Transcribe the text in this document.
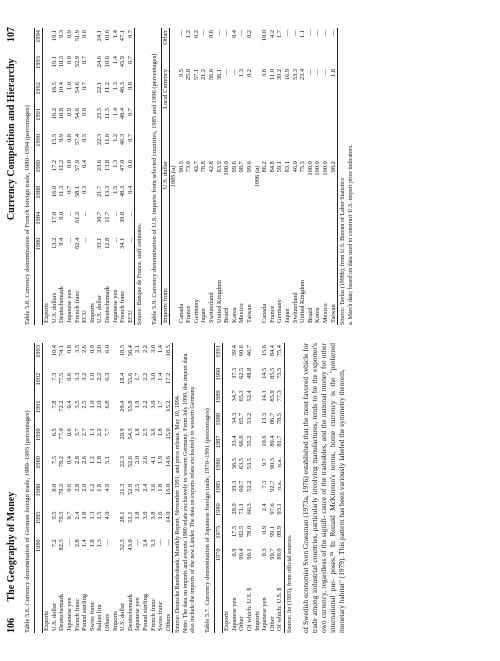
106 The Geography of Money
Currency Competition and Hierarchy 107
Table 5.6. Currency denomination of German foreign trade, 1980–1993 (percentages)
	1980	1985	1988	1989	1990	1991	1992	1993
Exports								
U.S. dollar	7.2	9.5	8.0	7.5	6.5	7.8	7.3	10.4
Deutschemark	82.3	79.5	79.2	79.2	77.0	72.2	77.5	74.1
Japanese yen	—	0.7	0.6	0.4	0.6	0.4	0.6	0.8
French franc	2.8	2.4	2.8	2.8	3.7	3.5	3.3	3.5
Pound sterling	1.4	1.8	2.0	2.6	2.7	2.5	3.2	2.6
Swiss franc	1.8	1.3	1.2	1.2	1.1	1.0	1.0	0.9
Italian lira	1.3	1.5	1.8	1.8	2.2	2.0	2.2	2.0
Others	—	4.0	4.9	5.1	7.7	6.8	6.3	6.0
Imports								
U.S. dollar	32.3	28.1	21.3	22.3	20.9	20.4	18.4	18.5
Deutschemark	43.0	52.1	52.9	52.6	54.3	55.8	55.6	56.4
Japanese yen	—	1.8	2.5	2.0	1.8	1.9	1.7	2.1
Pound sterling	3.4	3.0	2.4	2.6	2.5	2.2	2.2	2.2
French franc	3.3	3.8	3.6	4.1	3.6	3.0	3.0	3.0
Swiss franc	—	1.6	1.8	1.9	1.8	1.7	1.4	1.4
Others	—	14.0	16.0	14.6	15.0	15.2	17.2	18.5
Source: Deutsche Bundesbank, Monthly Report, November 1991, and press release, May 10, 1994. Note: The data on imports and exports 1980 relate exclusively to western Germany. From July 1990, the import data also include the imports of the new Länder. The data on exports relate exclusively to western Germany. Table 5.7. Currency denomination of Japanese foreign trade, 1970–1991 (percentages)
	1970	1975	1980	1985	1986	1987	1988	1989	1990	1991
Exports										
Japanese yen	0.9	17.5	28.9	39.3	36.5	33.4	34.3	34.7	37.5	39.4
Other	90.4	82.5	71.1	60.7	63.5	66.6	65.7	65.3	62.5	60.6
Of which: U.S. $	90.1	78.0	66.3	52.2	53.5	55.2	53.2	52.4	48.8	46.7
Imports										
Japanese yen	0.3	0.9	2.4	7.3	9.7	10.6	13.3	14.1	14.5	15.6
Other	99.7	99.1	97.6	92.7	90.3	89.4	86.7	85.9	85.5	84.4
Of which: U.S. $	80.0	89.9	93.1	n.a.	n.a.	81.7	78.5	77.3	75.5	75.4
Source: Ito (1993), from official sources. of Swedish economist Sven Grassman (1973a, 1976) established that the most favored vehicle for trade among industrial countries, particularly involving manufactures, tends to be the exporter's own currency, regardless of the signifi- cance of the tradeables, and the national money for other international pur- poses.²³ In Ronald McKinnon's terms, home currency is the "preferred monetary habitat" (1979). This pattern has been variously labeled the symmetry theorem,
Table 5.8. Currency denomination of French foreign trade, 1980–1994 (percentages)
	1980	1984	1988	1989	1990	1991	1992	1993	1994
Exports									
U.S. dollars	13.2	17.0	16.0	17.2	15.5	16.2	16.5	19.1	19.1
Deutschemark	9.4	9.0	11.3	11.2	9.9	10.8	10.4	10.3	9.3
Japanese yen	...	...	0.7	0.8	0.8	0.9	1.0	0.9	0.9
French franc	62.4	61.2	58.1	57.9	57.4	54.6	54.6	52.9	51.9
ECU	...	...	0.3	0.4	0.5	0.6	0.7	0.7	0.6
Imports									
U.S. dollar	33.1	30.7	21.7	23.6	22.3	23.5	22.1	24.6	24.1
Deutschemark	12.8	11.7	13.3	13.8	11.8	11.5	11.2	10.6	10.6
Japanese yen	...	...	1.5	1.3	1.2	1.4	1.3	1.4	1.4
French franc	34.1	39.8	48.3	47.0	46.3	48.4	46.3	45.9	47.1
ECU	...	...	0.4	0.6	0.7	0.7	0.8	0.7	0.7
Source: Banque de France, staff estimates. Table 5.9. Currency denomination of U.S. imports from selected countries, 1985 and 1996 (percentages) Imports from:	U.S. dollar	Local Currency	Other
1985 (a)			
Canada	90.5	9.5	—
France	73.0	25.8	1.2
Germany	42.7	57.1	0.2
Japan	78.8	21.2	—
Switzerland	42.8	56.6	0.6
United Kingdom	63.9	36.1	—
Brazil	100.0	—	—
Korea	99.6	—	0.4
Mexico	98.7	1.3	—
Taiwan	99.6	0.2	0.2
1996 (a)			
Canada	86.2	3.8	10.0
France	84.8	11.0	4.2
Germany	59.1	39.2	1.7
Japan	83.1	16.9	—
Switzerland	46.0	53.3	—
United Kingdom	75.5	23.4	1.1
Brazil	100.0	—	—
Korea	100.0	—	—
Mexico	100.0	—	—
Taiwan	98.2	1.8	—
Source: Tavlas (1998b), from U.S. Bureau of Labor Statistics a. March date; based on data used to construct U.S. import price indicators.
